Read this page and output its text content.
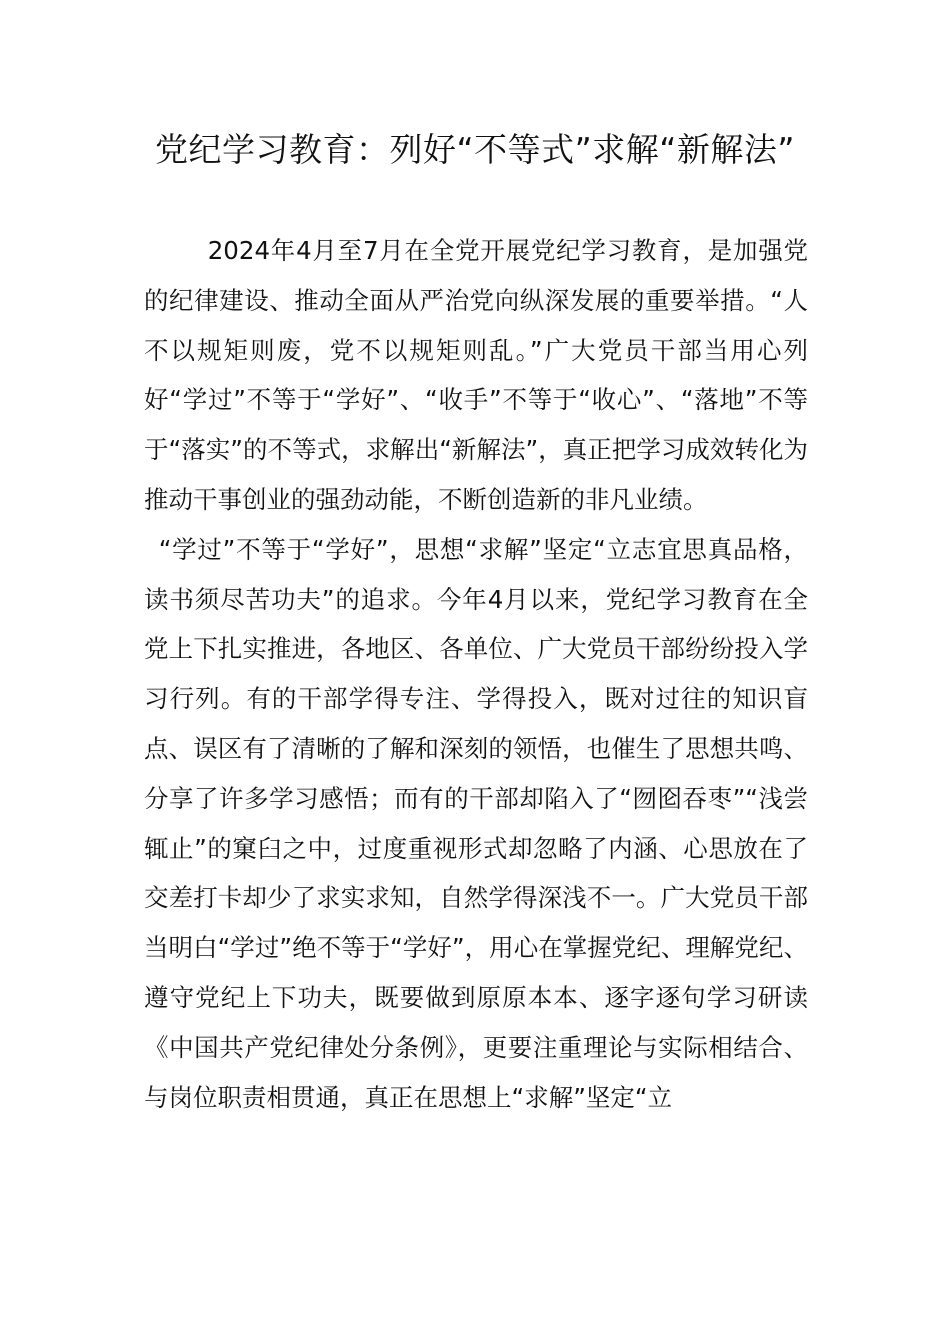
党纪学习教育：列好“不等式”求解“新解法”

2024年4月至7月在全党开展党纪学习教育，是加强党的纪律建设、推动全面从严治党向纵深发展的重要举措。“人不以规矩则废，党不以规矩则乱。”广大党员干部当用心列好“学过”不等于“学好”、“收手”不等于“收心”、“落地”不等于“落实”的不等式，求解出“新解法”，真正把学习成效转化为推动干事创业的强劲动能，不断创造新的非凡业绩。

“学过”不等于“学好”，思想“求解”坚定“立志宜思真品格，读书须尽苦功夫”的追求。今年4月以来，党纪学习教育在全党上下扎实推进，各地区、各单位、广大党员干部纷纷投入学习行列。有的干部学得专注、学得投入，既对过往的知识盲点、误区有了清晰的了解和深刻的领悟，也催生了思想共鸣、分享了许多学习感悟；而有的干部却陷入了“囫囵吞枣”“浅尝辄止”的窠臼之中，过度重视形式却忽略了内涵、心思放在了交差打卡却少了求实求知，自然学得深浅不一。广大党员干部当明白“学过”绝不等于“学好”，用心在掌握党纪、理解党纪、遵守党纪上下功夫，既要做到原原本本、逐字逐句学习研读《中国共产党纪律处分条例》，更要注重理论与实际相结合、与岗位职责相贯通，真正在思想上“求解”坚定“立
